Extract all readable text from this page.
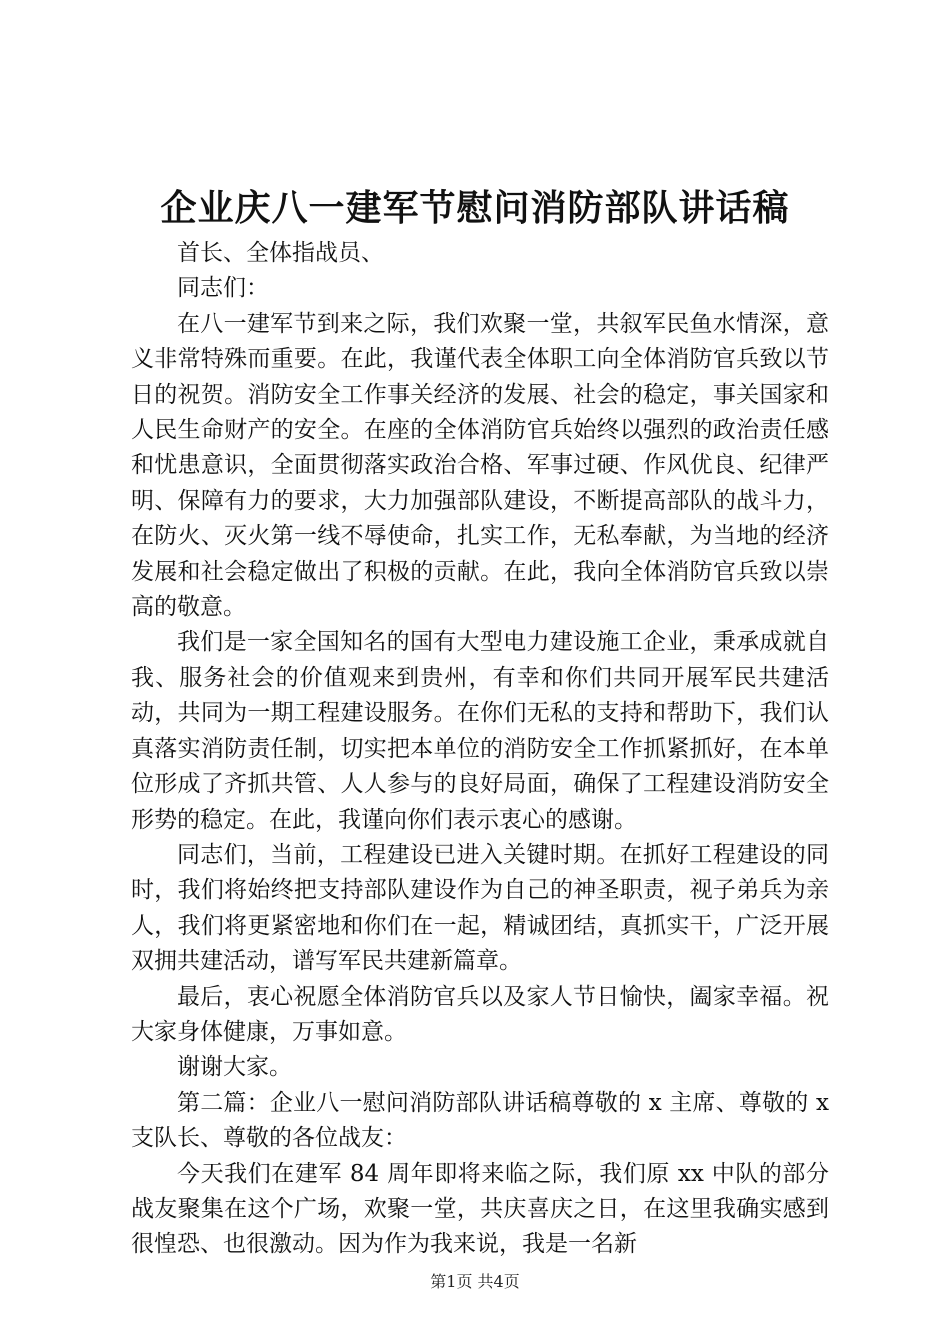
企业庆八一建军节慰问消防部队讲话稿

首长、全体指战员、

同志们：

在八一建军节到来之际，我们欢聚一堂，共叙军民鱼水情深，意义非常特殊而重要。在此，我谨代表全体职工向全体消防官兵致以节日的祝贺。消防安全工作事关经济的发展、社会的稳定，事关国家和人民生命财产的安全。在座的全体消防官兵始终以强烈的政治责任感和忧患意识，全面贯彻落实政治合格、军事过硬、作风优良、纪律严明、保障有力的要求，大力加强部队建设，不断提高部队的战斗力，在防火、灭火第一线不辱使命，扎实工作，无私奉献，为当地的经济发展和社会稳定做出了积极的贡献。在此，我向全体消防官兵致以崇高的敬意。

我们是一家全国知名的国有大型电力建设施工企业，秉承成就自我、服务社会的价值观来到贵州，有幸和你们共同开展军民共建活动，共同为一期工程建设服务。在你们无私的支持和帮助下，我们认真落实消防责任制，切实把本单位的消防安全工作抓紧抓好，在本单位形成了齐抓共管、人人参与的良好局面，确保了工程建设消防安全形势的稳定。在此，我谨向你们表示衷心的感谢。

同志们，当前，工程建设已进入关键时期。在抓好工程建设的同时，我们将始终把支持部队建设作为自己的神圣职责，视子弟兵为亲人，我们将更紧密地和你们在一起，精诚团结，真抓实干，广泛开展双拥共建活动，谱写军民共建新篇章。

最后，衷心祝愿全体消防官兵以及家人节日愉快，阖家幸福。祝大家身体健康，万事如意。

谢谢大家。

第二篇：企业八一慰问消防部队讲话稿尊敬的 x 主席、尊敬的 x 支队长、尊敬的各位战友：

今天我们在建军 84 周年即将来临之际，我们原 xx 中队的部分战友聚集在这个广场，欢聚一堂，共庆喜庆之日，在这里我确实感到很惶恐、也很激动。因为作为我来说，我是一名新

第1页 共4页
